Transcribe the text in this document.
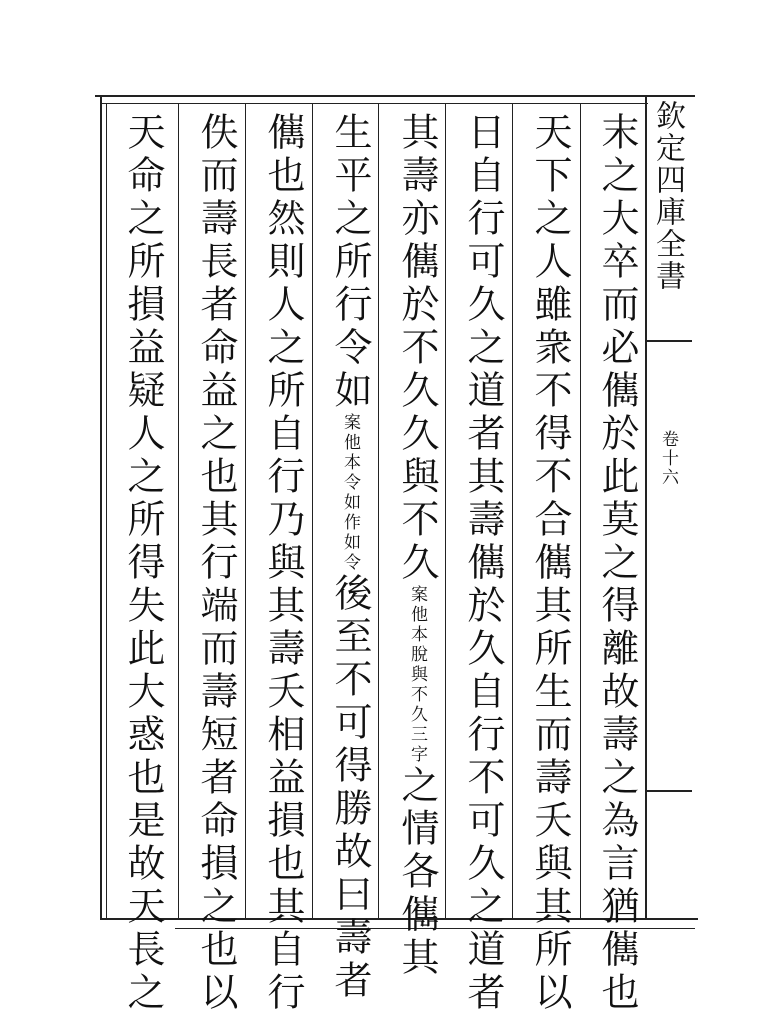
欽定四庫全書
卷十六
末之大卒而必㒞於此莫之得離故壽之為言猶㒞也
天下之人雖衆不得不合㒞其所生而壽夭與其所以
日自行可久之道者其壽㒞於久自行不可久之道者
其壽亦㒞於不久久與不久案他本脫與不久三字之情各㒞其
生平之所行令如案他本令如作如令後至不可得勝故曰壽者
㒞也然則人之所自行乃與其壽夭相益損也其自行
佚而壽長者命益之也其行端而壽短者命損之也以
天命之所損益疑人之所得失此大惑也是故天長之
